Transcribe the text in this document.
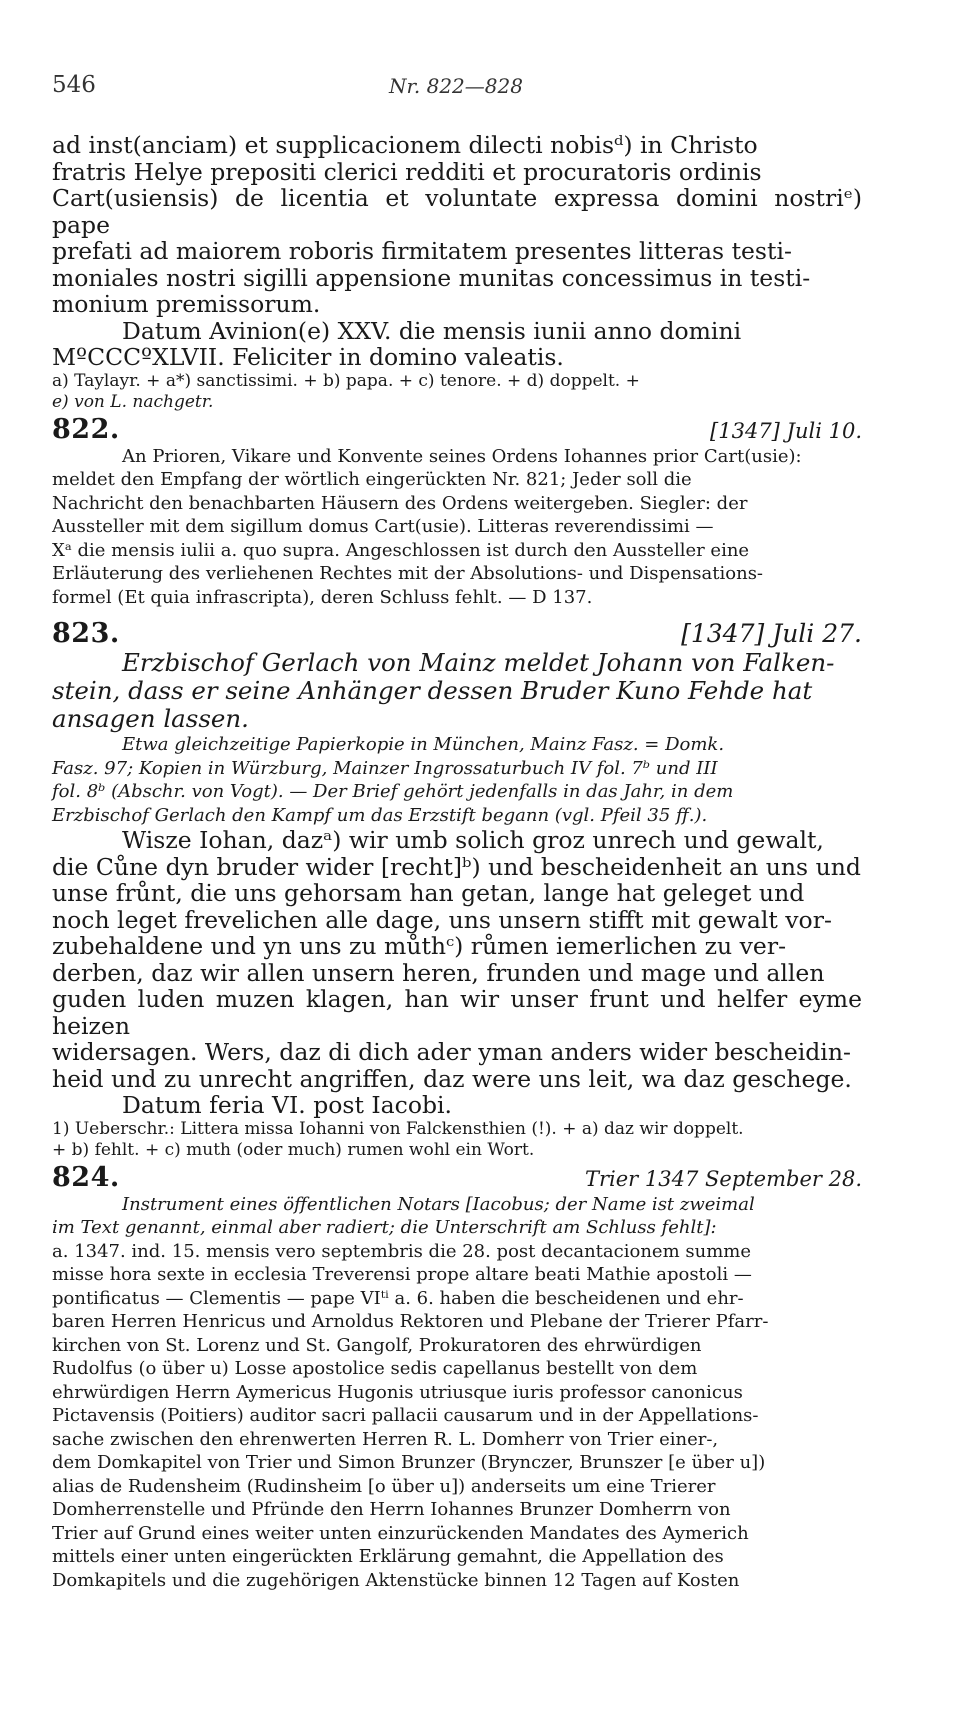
546	Nr. 822—828
ad inst(anciam) et supplicacionem dilecti nobisᵈ) in Christo
fratris Helye prepositi clerici redditi et procuratoris ordinis
Cart(usiensis) de licentia et voluntate expressa domini nostriᵉ) pape
prefati ad maiorem roboris firmitatem presentes litteras testi-
moniales nostri sigilli appensione munitas concessimus in testi-
monium premissorum.
Datum Avinion(e) XXV. die mensis iunii anno domini
MºCCCºXLVII. Feliciter in domino valeatis.
a) Taylayr. + a*) sanctissimi. + b) papa. + c) tenore. + d) doppelt. +
e) von L. nachgetr.
822.	[1347] Juli 10.
An Prioren, Vikare und Konvente seines Ordens Iohannes prior Cart(usie):
meldet den Empfang der wörtlich eingerückten Nr. 821; Jeder soll die
Nachricht den benachbarten Häusern des Ordens weitergeben. Siegler: der
Aussteller mit dem sigillum domus Cart(usie). Litteras reverendissimi —
Xᵃ die mensis iulii a. quo supra. Angeschlossen ist durch den Aussteller eine
Erläuterung des verliehenen Rechtes mit der Absolutions- und Dispensations-
formel (Et quia infrascripta), deren Schluss fehlt. — D 137.
823.	[1347] Juli 27.
Erzbischof Gerlach von Mainz meldet Johann von Falken-
stein, dass er seine Anhänger dessen Bruder Kuno Fehde hat
ansagen lassen.
Etwa gleichzeitige Papierkopie in München, Mainz Fasz. = Domk.
Fasz. 97; Kopien in Würzburg, Mainzer Ingrossaturbuch IV fol. 7ᵇ und III
fol. 8ᵇ (Abschr. von Vogt). — Der Brief gehört jedenfalls in das Jahr, in dem
Erzbischof Gerlach den Kampf um das Erzstift begann (vgl. Pfeil 35 ff.).
Wisze Iohan, dazᵃ) wir umb solich groz unrech und gewalt,
die Cůne dyn bruder wider [recht]ᵇ) und bescheidenheit an uns und
unse frůnt, die uns gehorsam han getan, lange hat geleget und
noch leget frevelichen alle dage, uns unsern stifft mit gewalt vor-
zubehaldene und yn uns zu můthᶜ) růmen iemerlichen zu ver-
derben, daz wir allen unsern heren, frunden und mage und allen
guden luden muzen klagen, han wir unser frunt und helfer eyme heizen
widersagen. Wers, daz di dich ader yman anders wider bescheidin-
heid und zu unrecht angriffen, daz were uns leit, wa daz geschege.
Datum feria VI. post Iacobi.
1) Ueberschr.: Littera missa Iohanni von Falckensthien (!). + a) daz wir doppelt.
+ b) fehlt. + c) muth (oder much) rumen wohl ein Wort.
824.	Trier 1347 September 28.
Instrument eines öffentlichen Notars [Iacobus; der Name ist zweimal
im Text genannt, einmal aber radiert; die Unterschrift am Schluss fehlt]:
a. 1347. ind. 15. mensis vero septembris die 28. post decantacionem summe
misse hora sexte in ecclesia Treverensi prope altare beati Mathie apostoli —
pontificatus — Clementis — pape VIᵗⁱ a. 6. haben die bescheidenen und ehr-
baren Herren Henricus und Arnoldus Rektoren und Plebane der Trierer Pfarr-
kirchen von St. Lorenz und St. Gangolf, Prokuratoren des ehrwürdigen
Rudolfus (o über u) Losse apostolice sedis capellanus bestellt von dem
ehrwürdigen Herrn Aymericus Hugonis utriusque iuris professor canonicus
Pictavensis (Poitiers) auditor sacri pallacii causarum und in der Appellations-
sache zwischen den ehrenwerten Herren R. L. Domherr von Trier einer-,
dem Domkapitel von Trier und Simon Brunzer (Brynczer, Brunszer [e über u])
alias de Rudensheim (Rudinsheim [o über u]) anderseits um eine Trierer
Domherrenstelle und Pfründe den Herrn Iohannes Brunzer Domherrn von
Trier auf Grund eines weiter unten einzurückenden Mandates des Aymerich
mittels einer unten eingerückten Erklärung gemahnt, die Appellation des
Domkapitels und die zugehörigen Aktenstücke binnen 12 Tagen auf Kosten
